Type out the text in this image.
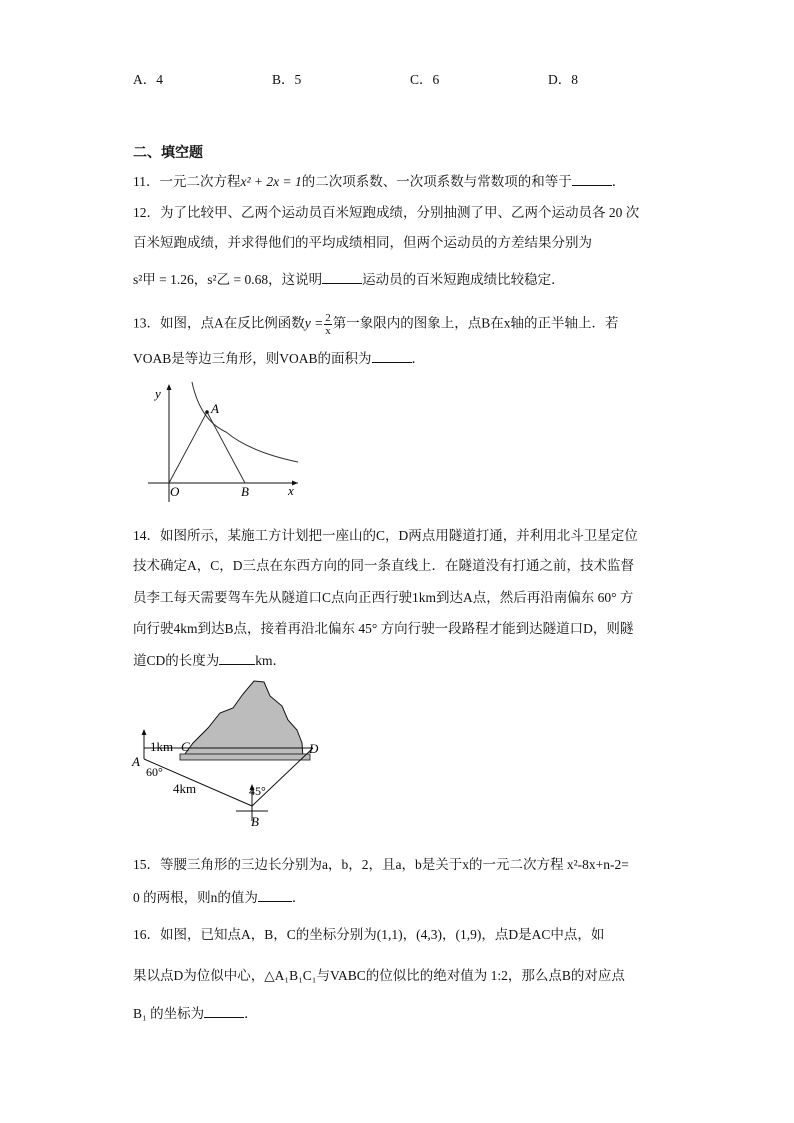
A．4	B．5	C．6	D．8
二、填空题
11．一元二次方程x² + 2x = 1的二次项系数、一次项系数与常数项的和等于	．
12．为了比较甲、乙两个运动员百米短跑成绩，分别抽测了甲、乙两个运动员各 20 次
百米短跑成绩，并求得他们的平均成绩相同，但两个运动员的方差结果分别为
s²甲 = 1.26，s²乙 = 0.68，这说明	运动员的百米短跑成绩比较稳定．
13．如图，点A在反比例函数$y = \frac{2}{x}$ 第一象限内的图象上，点B在x轴的正半轴上．若
VOAB是等边三角形，则VOAB的面积为	．
y
x
O
A
B
14．如图所示，某施工方计划把一座山的C，D两点用隧道打通，并利用北斗卫星定位
技术确定A，C，D三点在东西方向的同一条直线上．在隧道没有打通之前，技术监督
员李工每天需要驾车先从隧道口C点向正西行驶1km到达A点，然后再沿南偏东 60° 方
向行驶4km到达B点，接着再沿北偏东 45° 方向行驶一段路程才能到达隧道口D，则隧
道CD的长度为	km．
1km C	D
A
60°
4km	45°
B
15．等腰三角形的三边长分别为a，b，2，且a，b是关于x的一元二次方程 x²-8x+n-2=
0 的两根，则n的值为	．
16．如图，已知点A，B，C的坐标分别为(1,1)，(4,3)，(1,9)，点D是AC中点，如
果以点D为位似中心，△A₁B₁C₁与VABC的位似比的绝对值为 1:2，那么点B的对应点
B₁ 的坐标为	．
